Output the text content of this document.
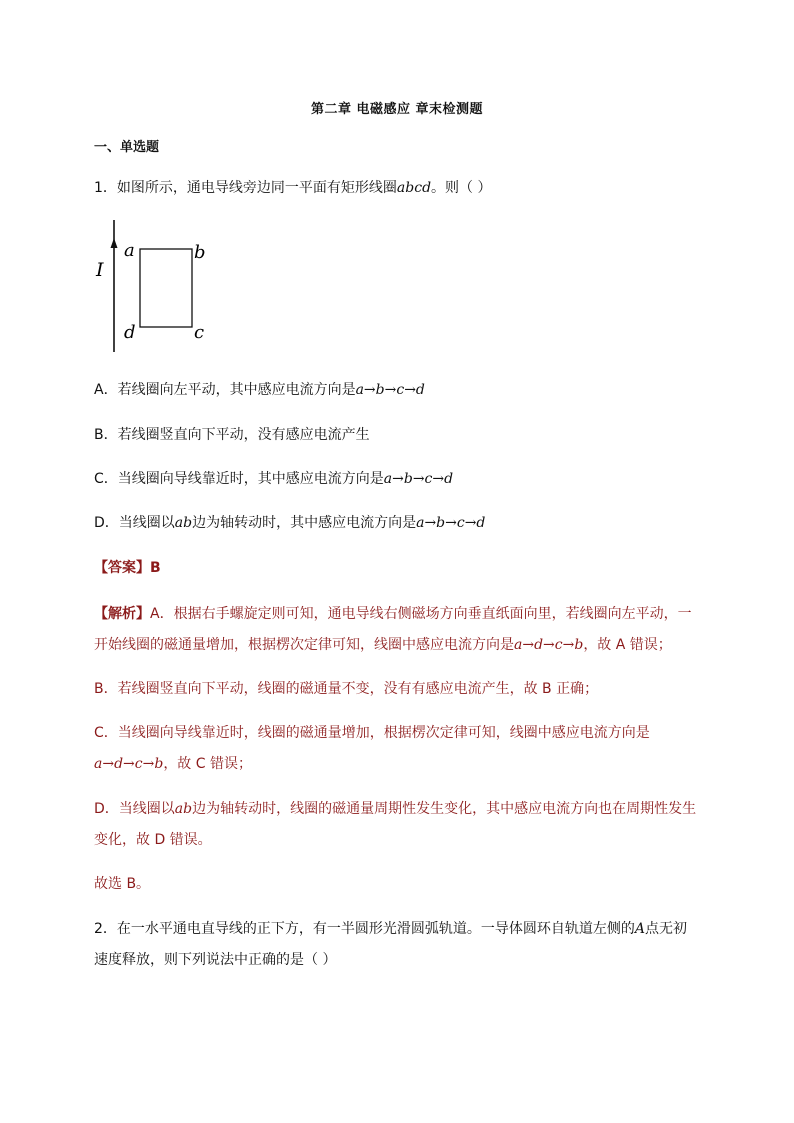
第二章 电磁感应 章末检测题
一、单选题
1．如图所示，通电导线旁边同一平面有矩形线圈abcd。则（ ）
I
a	b
c
d
A．若线圈向左平动，其中感应电流方向是a→b→c→d
B．若线圈竖直向下平动，没有感应电流产生
C．当线圈向导线靠近时，其中感应电流方向是a→b→c→d
D．当线圈以ab边为轴转动时，其中感应电流方向是a→b→c→d
【答案】B
【解析】A．根据右手螺旋定则可知，通电导线右侧磁场方向垂直纸面向里，若线圈向左平动，一
开始线圈的磁通量增加，根据楞次定律可知，线圈中感应电流方向是a→d→c→b，故 A 错误；
B．若线圈竖直向下平动，线圈的磁通量不变，没有有感应电流产生，故 B 正确；
C．当线圈向导线靠近时，线圈的磁通量增加，根据楞次定律可知，线圈中感应电流方向是
a→d→c→b，故 C 错误；
D．当线圈以ab边为轴转动时，线圈的磁通量周期性发生变化，其中感应电流方向也在周期性发生
变化，故 D 错误。
故选 B。
2．在一水平通电直导线的正下方，有一半圆形光滑圆弧轨道。一导体圆环自轨道左侧的A点无初
速度释放，则下列说法中正确的是（ ）
